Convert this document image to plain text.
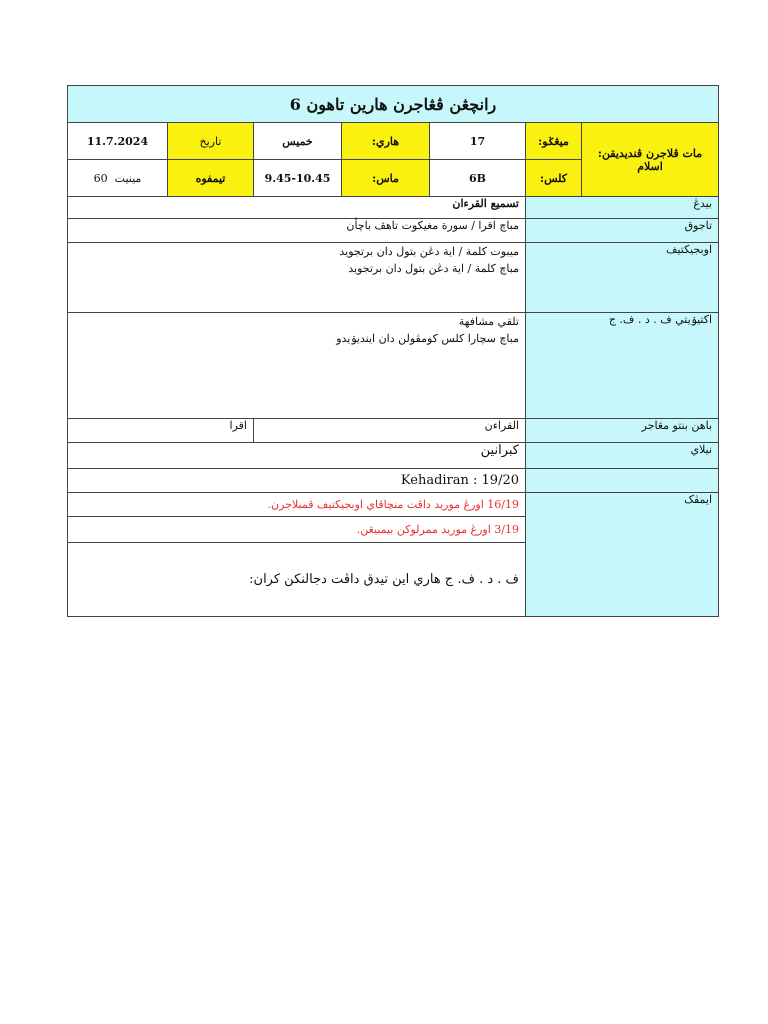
رانچڠن ڤڠاجرن هارين تاهون 6						
11.7.2024	تاريخ	خميس	:هاري	17	:ميڠݢو	:مات ڤلاجرن ڤنديديقن اسلام
مينيت  60	تيمفوه	9.45-10.45	:ماس	6B	:كلس	
تسميع القرءان					بيدڠ	
مباچ اقرا / سورة مغيكوت تاهڤ باچأن					تاجوق	

ميبوت كلمة / اية دڠن بتول دان برتجويد
مباچ كلمة / اية دڠن بتول دان برتجويد					اوبجيکتيف	

تلقي مشافهة
مباچ سچارا كلس كومڤولن دان اينديۏيدو					اکتيۏيتي ف . د . ف. ج	
اقرا		القراءن			باهن بنتو مڠاجر	
كبرانين					نيلاي	
Kehadiran : 19/20						
16/19 اورڠ موريد داڤت منچاڤاي اوبجيکتيف ڤمبلاجرن.					ايمڤک	
3/19 اورڠ موريد ممرلوكن بيمبيڠن.						
ف . د . ف. ج هاري اين تيدق داڤت دجالنكن كران:						
